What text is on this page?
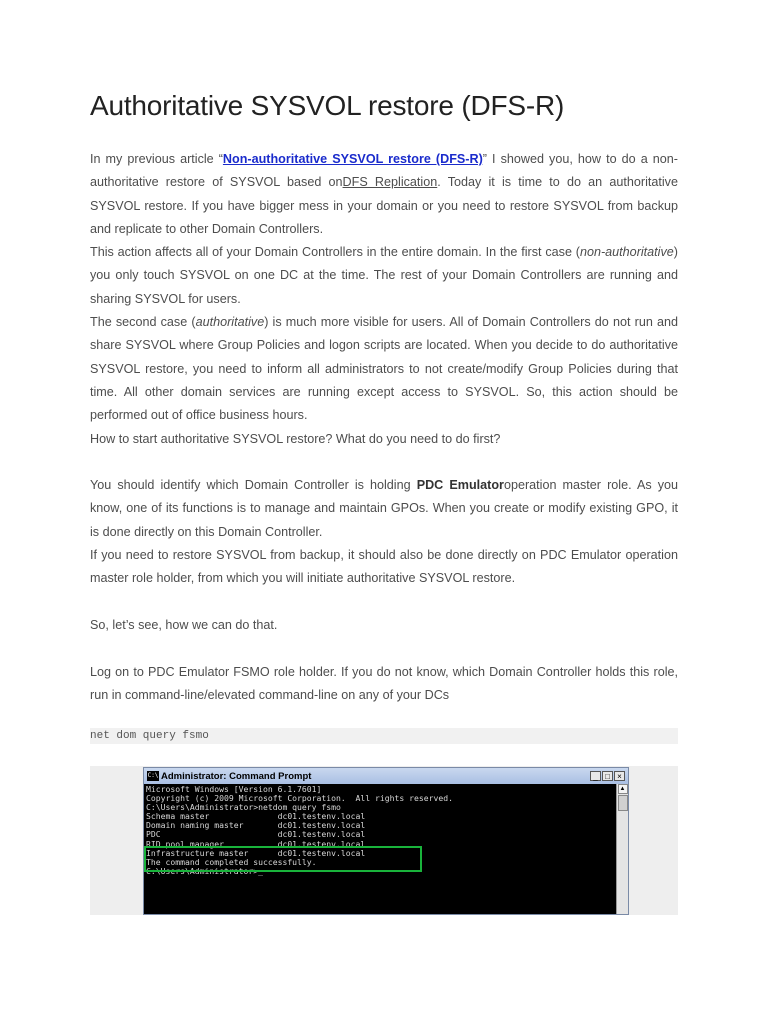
Authoritative SYSVOL restore (DFS-R)

In my previous article “Non-authoritative SYSVOL restore (DFS-R)” I showed you, how to do a non-authoritative restore of SYSVOL based onDFS Replication. Today it is time to do an authoritative SYSVOL restore. If you have bigger mess in your domain or you need to restore SYSVOL from backup and replicate to other Domain Controllers.

This action affects all of your Domain Controllers in the entire domain. In the first case (non-authoritative) you only touch SYSVOL on one DC at the time. The rest of your Domain Controllers are running and sharing SYSVOL for users.

The second case (authoritative) is much more visible for users. All of Domain Controllers do not run and share SYSVOL where Group Policies and logon scripts are located. When you decide to do authoritative SYSVOL restore, you need to inform all administrators to not create/modify Group Policies during that time. All other domain services are running except access to SYSVOL. So, this action should be performed out of office business hours.

How to start authoritative SYSVOL restore? What do you need to do first?

You should identify which Domain Controller is holding PDC Emulatoroperation master role. As you know, one of its functions is to manage and maintain GPOs. When you create or modify existing GPO, it is done directly on this Domain Controller.

If you need to restore SYSVOL from backup, it should also be done directly on PDC Emulator operation master role holder, from which you will initiate authoritative SYSVOL restore.

So, let’s see, how we can do that.

Log on to PDC Emulator FSMO role holder. If you do not know, which Domain Controller holds this role, run in command-line/elevated command-line on any of your DCs

net dom query fsmo
C:\ Administrator: Command Prompt	_ □ ×
Microsoft Windows [Version 6.1.7601]
Copyright (c) 2009 Microsoft Corporation.  All rights reserved.
C:\Users\Administrator>netdom query fsmo
Schema master              dc01.testenv.local
Domain naming master       dc01.testenv.local
PDC                        dc01.testenv.local
RID pool manager           dc01.testenv.local
Infrastructure master      dc01.testenv.local
The command completed successfully.
C:\Users\Administrator>_
▲
